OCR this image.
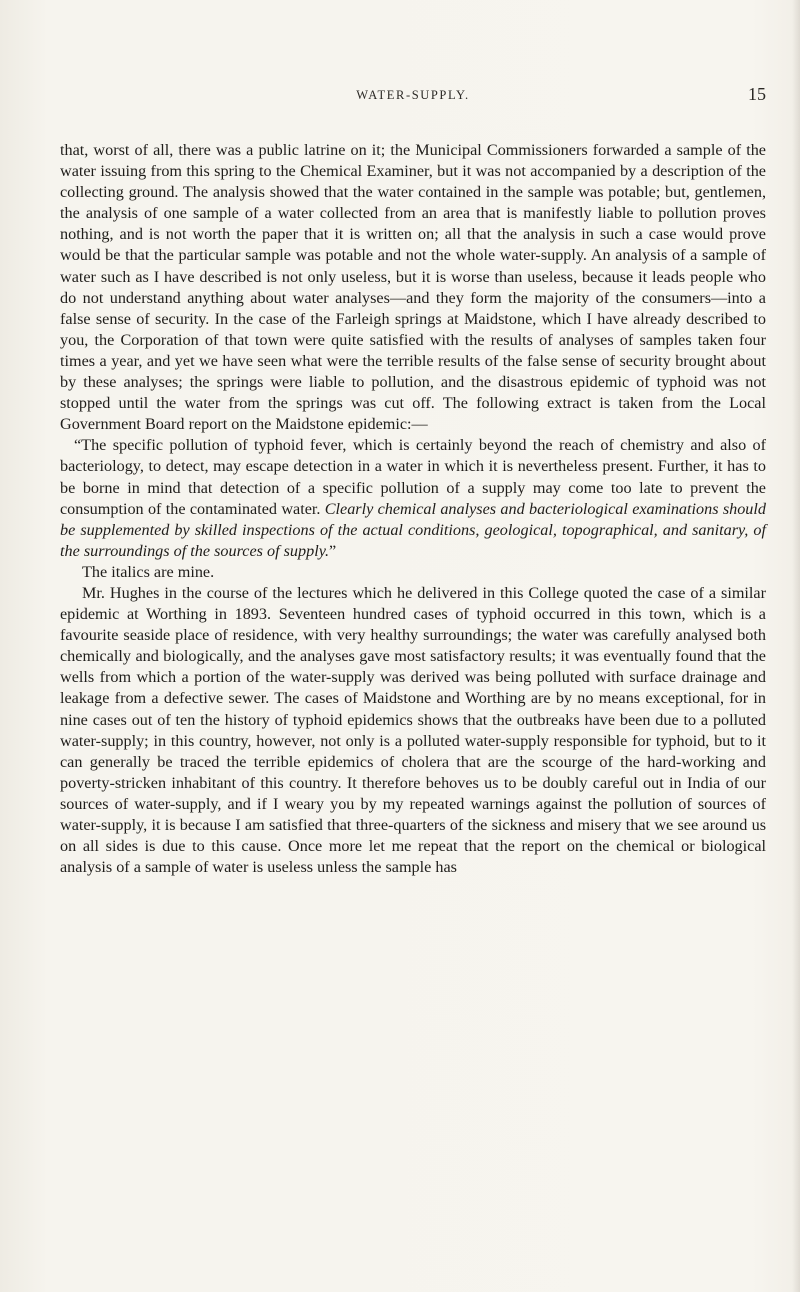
WATER-SUPPLY.	15

that, worst of all, there was a public latrine on it; the Municipal Commissioners forwarded a sample of the water issuing from this spring to the Chemical Examiner, but it was not accompanied by a description of the collecting ground. The analysis showed that the water contained in the sample was potable; but, gentlemen, the analysis of one sample of a water collected from an area that is manifestly liable to pollution proves nothing, and is not worth the paper that it is written on; all that the analysis in such a case would prove would be that the particular sample was potable and not the whole water-supply. An analysis of a sample of water such as I have described is not only useless, but it is worse than useless, because it leads people who do not understand anything about water analyses—and they form the majority of the consumers—into a false sense of security. In the case of the Farleigh springs at Maidstone, which I have already described to you, the Corporation of that town were quite satisfied with the results of analyses of samples taken four times a year, and yet we have seen what were the terrible results of the false sense of security brought about by these analyses; the springs were liable to pollution, and the disastrous epidemic of typhoid was not stopped until the water from the springs was cut off. The following extract is taken from the Local Government Board report on the Maidstone epidemic:—

“The specific pollution of typhoid fever, which is certainly beyond the reach of chemistry and also of bacteriology, to detect, may escape detection in a water in which it is nevertheless present. Further, it has to be borne in mind that detection of a specific pollution of a supply may come too late to prevent the consumption of the contaminated water. Clearly chemical analyses and bacteriological examinations should be supplemented by skilled inspections of the actual conditions, geological, topographical, and sanitary, of the surroundings of the sources of supply.”

The italics are mine.

Mr. Hughes in the course of the lectures which he delivered in this College quoted the case of a similar epidemic at Worthing in 1893. Seventeen hundred cases of typhoid occurred in this town, which is a favourite seaside place of residence, with very healthy surroundings; the water was carefully analysed both chemically and biologically, and the analyses gave most satisfactory results; it was eventually found that the wells from which a portion of the water-supply was derived was being polluted with surface drainage and leakage from a defective sewer. The cases of Maidstone and Worthing are by no means exceptional, for in nine cases out of ten the history of typhoid epidemics shows that the outbreaks have been due to a polluted water-supply; in this country, however, not only is a polluted water-supply responsible for typhoid, but to it can generally be traced the terrible epidemics of cholera that are the scourge of the hard-working and poverty-stricken inhabitant of this country. It therefore behoves us to be doubly careful out in India of our sources of water-supply, and if I weary you by my repeated warnings against the pollution of sources of water-supply, it is because I am satisfied that three-quarters of the sickness and misery that we see around us on all sides is due to this cause. Once more let me repeat that the report on the chemical or biological analysis of a sample of water is useless unless the sample has
